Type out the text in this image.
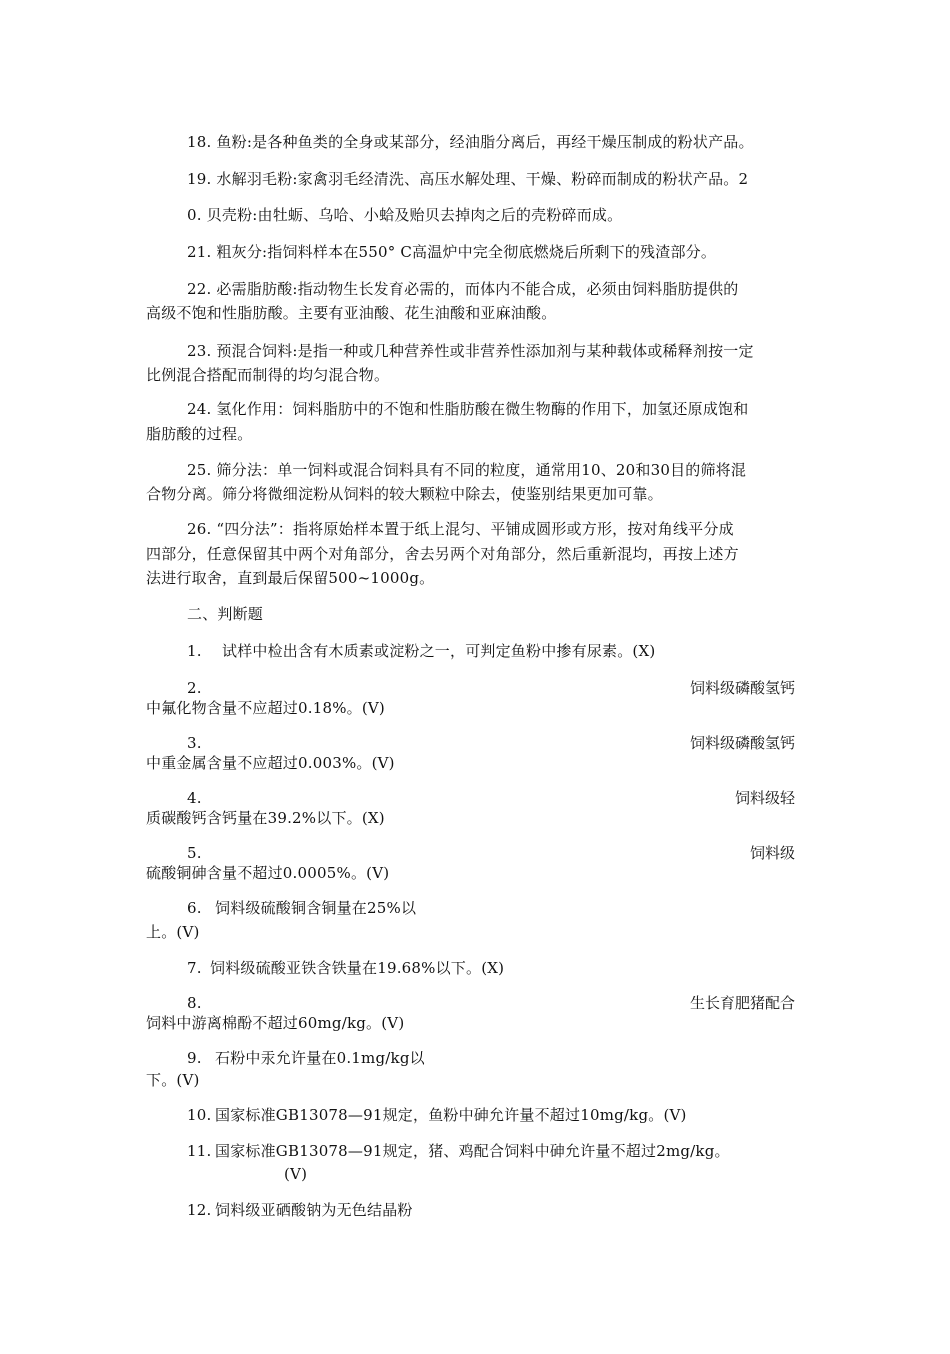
18. 鱼粉:是各种鱼类的全身或某部分，经油脂分离后，再经干燥压制成的粉状产品。
19. 水解羽毛粉:家禽羽毛经清洗、高压水解处理、干燥、粉碎而制成的粉状产品。2
0. 贝壳粉:由牡蛎、乌哈、小蛤及贻贝去掉肉之后的壳粉碎而成。
21. 粗灰分:指饲料样本在550° C高温炉中完全彻底燃烧后所剩下的残渣部分。
22. 必需脂肪酸:指动物生长发育必需的，而体内不能合成，必须由饲料脂肪提供的
高级不饱和性脂肪酸。主要有亚油酸、花生油酸和亚麻油酸。
23. 预混合饲料:是指一种或几种营养性或非营养性添加剂与某种载体或稀释剂按一定
比例混合搭配而制得的均匀混合物。
24. 氢化作用：饲料脂肪中的不饱和性脂肪酸在微生物酶的作用下，加氢还原成饱和
脂肪酸的过程。
25. 筛分法：单一饲料或混合饲料具有不同的粒度，通常用10、20和30目的筛将混
合物分离。筛分将微细淀粉从饲料的较大颗粒中除去，使鉴别结果更加可靠。
26. “四分法”：指将原始样本置于纸上混匀、平铺成圆形或方形，按对角线平分成
四部分，任意保留其中两个对角部分，舍去另两个对角部分，然后重新混均，再按上述方
法进行取舍，直到最后保留500~1000g。
二、判断题
1. 试样中检出含有木质素或淀粉之一，可判定鱼粉中掺有尿素。(X)
2.	饲料级磷酸氢钙
中氟化物含量不应超过0.18%。(V)
3.	饲料级磷酸氢钙
中重金属含量不应超过0.003%。(V)
4.	饲料级轻
质碳酸钙含钙量在39.2%以下。(X)
5.	饲料级
硫酸铜砷含量不超过0.0005%。(V)
6. 饲料级硫酸铜含铜量在25%以
上。(V)
7. 饲料级硫酸亚铁含铁量在19.68%以下。(X)
8.	生长育肥猪配合
饲料中游离棉酚不超过60mg/kg。(V)
9. 石粉中汞允许量在0.1mg/kg以
下。(V)
10. 国家标准GB13078—91规定，鱼粉中砷允许量不超过10mg/kg。(V)
11. 国家标准GB13078—91规定，猪、鸡配合饲料中砷允许量不超过2mg/kg。
(V)
12. 饲料级亚硒酸钠为无色结晶粉
